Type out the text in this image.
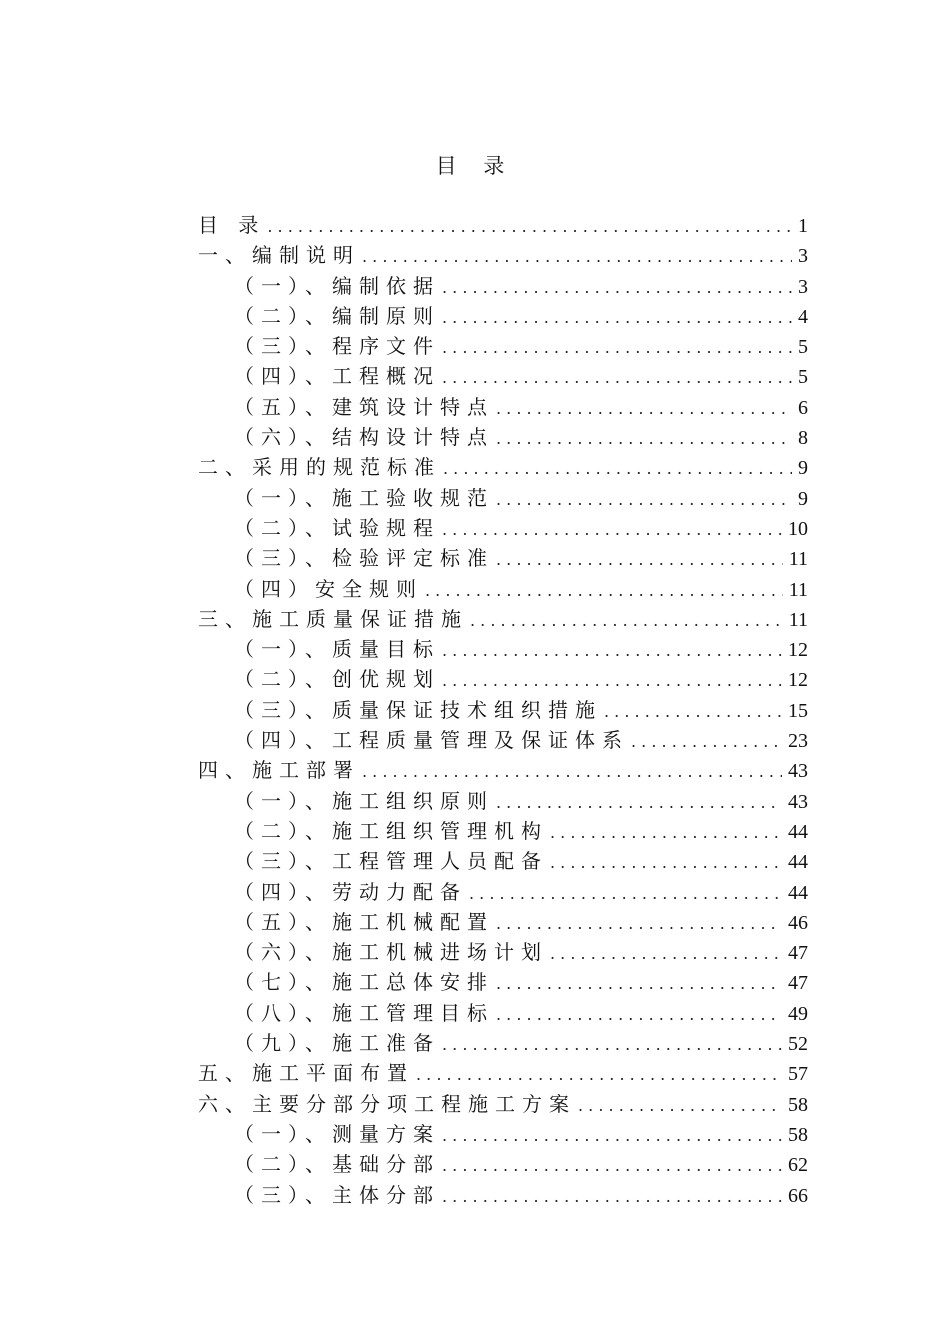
目 录
目 录 . . .	1
一、编制说明 . . .	3
（一）、编制依据 . . .	3
（二）、编制原则 . . .	4
（三）、程序文件 . . .	5
（四）、工程概况 . . .	5
（五）、建筑设计特点 . . .	6
（六）、结构设计特点 . . .	8
二、采用的规范标准 . . .	9
（一）、施工验收规范 . . .	9
（二）、试验规程 . . .	10
（三）、检验评定标准 . . .	11
（四）安全规则 . . .	11
三、施工质量保证措施 . . .	11
（一）、质量目标 . . .	12
（二）、创优规划 . . .	12
（三）、质量保证技术组织措施 . . .	15
（四）、工程质量管理及保证体系 . . .	23
四、施工部署 . . .	43
（一）、施工组织原则 . . .	43
（二）、施工组织管理机构 . . .	44
（三）、工程管理人员配备 . . .	44
（四）、劳动力配备 . . .	44
（五）、施工机械配置 . . .	46
（六）、施工机械进场计划 . . .	47
（七）、施工总体安排 . . .	47
（八）、施工管理目标 . . .	49
（九）、施工准备 . . .	52
五、施工平面布置 . . .	57
六、主要分部分项工程施工方案 . . .	58
（一）、测量方案 . . .	58
（二）、基础分部 . . .	62
（三）、主体分部 . . .	66
